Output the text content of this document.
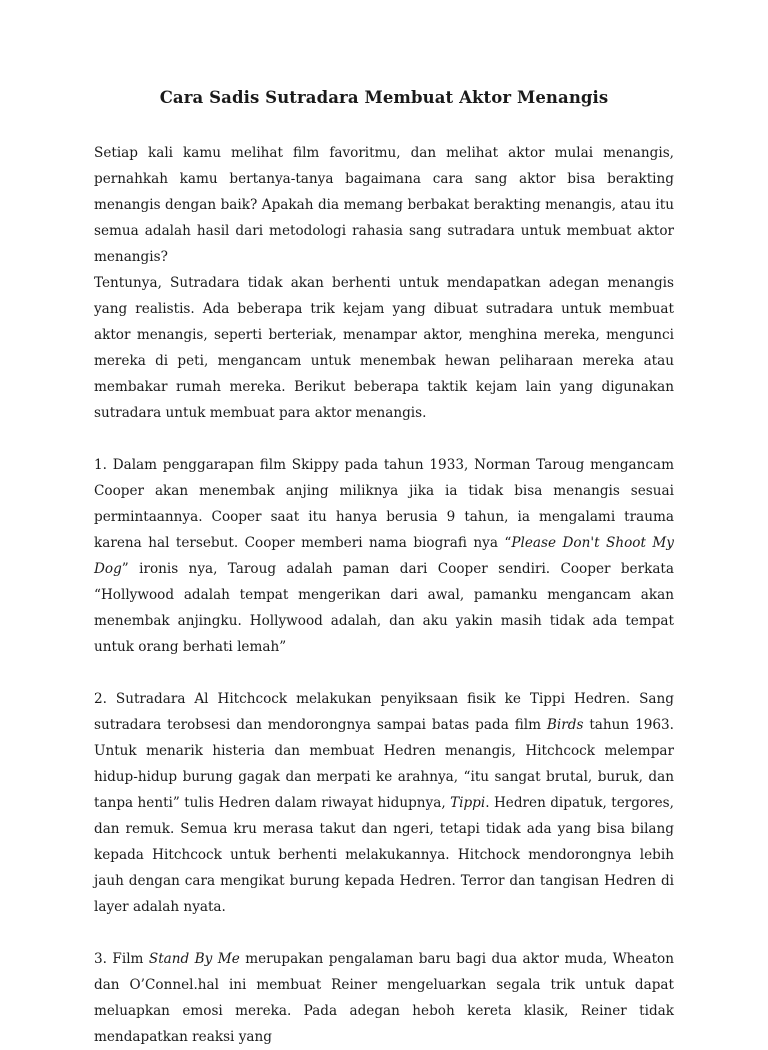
Cara Sadis Sutradara Membuat Aktor Menangis

Setiap kali kamu melihat film favoritmu, dan melihat aktor mulai menangis, pernahkah kamu bertanya-tanya bagaimana cara sang aktor bisa berakting menangis dengan baik? Apakah dia memang berbakat berakting menangis, atau itu semua adalah hasil dari metodologi rahasia sang sutradara untuk membuat aktor menangis?

Tentunya, Sutradara tidak akan berhenti untuk mendapatkan adegan menangis yang realistis. Ada beberapa trik kejam yang dibuat sutradara untuk membuat aktor menangis, seperti berteriak, menampar aktor, menghina mereka, mengunci mereka di peti, mengancam untuk menembak hewan peliharaan mereka atau membakar rumah mereka. Berikut beberapa taktik kejam lain yang digunakan sutradara untuk membuat para aktor menangis.

1. Dalam penggarapan film Skippy pada tahun 1933, Norman Taroug mengancam Cooper akan menembak anjing miliknya jika ia tidak bisa menangis sesuai permintaannya. Cooper saat itu hanya berusia 9 tahun, ia mengalami trauma karena hal tersebut. Cooper memberi nama biografi nya “Please Don't Shoot My Dog” ironis nya, Taroug adalah paman dari Cooper sendiri. Cooper berkata “Hollywood adalah tempat mengerikan dari awal, pamanku mengancam akan menembak anjingku. Hollywood adalah, dan aku yakin masih tidak ada tempat untuk orang berhati lemah”

2. Sutradara Al Hitchcock melakukan penyiksaan fisik ke Tippi Hedren. Sang sutradara terobsesi dan mendorongnya sampai batas pada film Birds tahun 1963. Untuk menarik histeria dan membuat Hedren menangis, Hitchcock melempar hidup-hidup burung gagak dan merpati ke arahnya, “itu sangat brutal, buruk, dan tanpa henti” tulis Hedren dalam riwayat hidupnya, Tippi. Hedren dipatuk, tergores, dan remuk. Semua kru merasa takut dan ngeri, tetapi tidak ada yang bisa bilang kepada Hitchcock untuk berhenti melakukannya. Hitchock mendorongnya lebih jauh dengan cara mengikat burung kepada Hedren. Terror dan tangisan Hedren di layer adalah nyata.

3. Film Stand By Me merupakan pengalaman baru bagi dua aktor muda, Wheaton dan O’Connel.hal ini membuat Reiner mengeluarkan segala trik untuk dapat meluapkan emosi mereka. Pada adegan heboh kereta klasik, Reiner tidak mendapatkan reaksi yang
